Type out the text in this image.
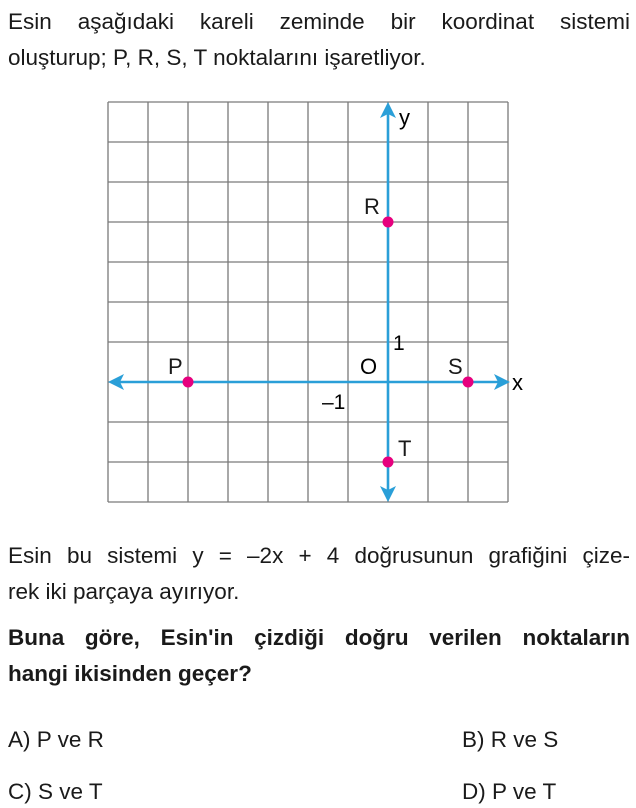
Esin aşağıdaki kareli zeminde bir koordinat sistemi
oluşturup; P, R, S, T noktalarını işaretliyor.

y
x
O
1
–1
P
R
S
T

Esin bu sistemi y = –2x + 4 doğrusunun grafiğini çize-
rek iki parçaya ayırıyor.

Buna göre, Esin'in çizdiği doğru verilen noktaların
hangi ikisinden geçer?

A) P ve R	B) R ve S
C) S ve T	D) P ve T
